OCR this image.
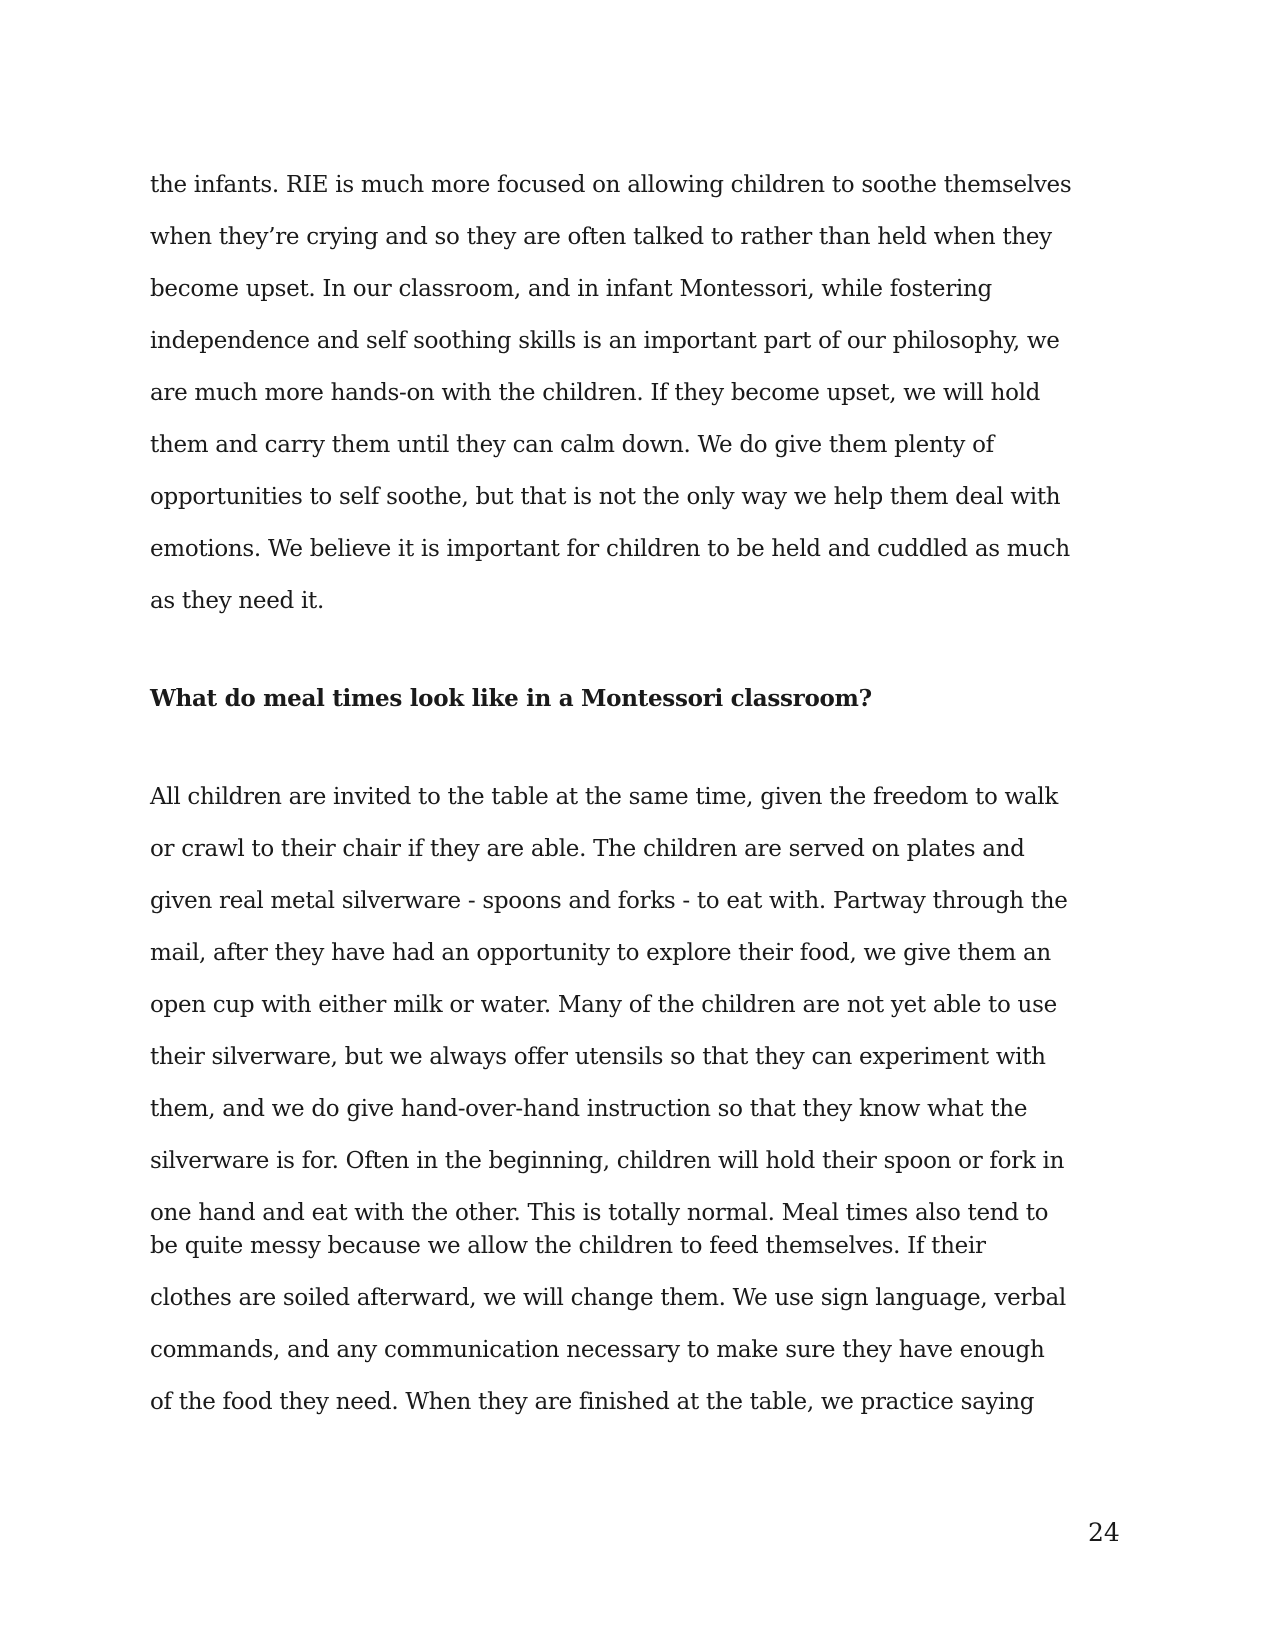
the infants. RIE is much more focused on allowing children to soothe themselves
when they’re crying and so they are often talked to rather than held when they
become upset. In our classroom, and in infant Montessori, while fostering
independence and self soothing skills is an important part of our philosophy, we
are much more hands-on with the children. If they become upset, we will hold
them and carry them until they can calm down. We do give them plenty of
opportunities to self soothe, but that is not the only way we help them deal with
emotions. We believe it is important for children to be held and cuddled as much
as they need it.
What do meal times look like in a Montessori classroom?
All children are invited to the table at the same time, given the freedom to walk
or crawl to their chair if they are able. The children are served on plates and
given real metal silverware - spoons and forks - to eat with. Partway through the
mail, after they have had an opportunity to explore their food, we give them an
open cup with either milk or water. Many of the children are not yet able to use
their silverware, but we always offer utensils so that they can experiment with
them, and we do give hand-over-hand instruction so that they know what the
silverware is for. Often in the beginning, children will hold their spoon or fork in
one hand and eat with the other. This is totally normal. Meal times also tend to
be quite messy because we allow the children to feed themselves. If their
clothes are soiled afterward, we will change them. We use sign language, verbal
commands, and any communication necessary to make sure they have enough
of the food they need. When they are finished at the table, we practice saying
24
